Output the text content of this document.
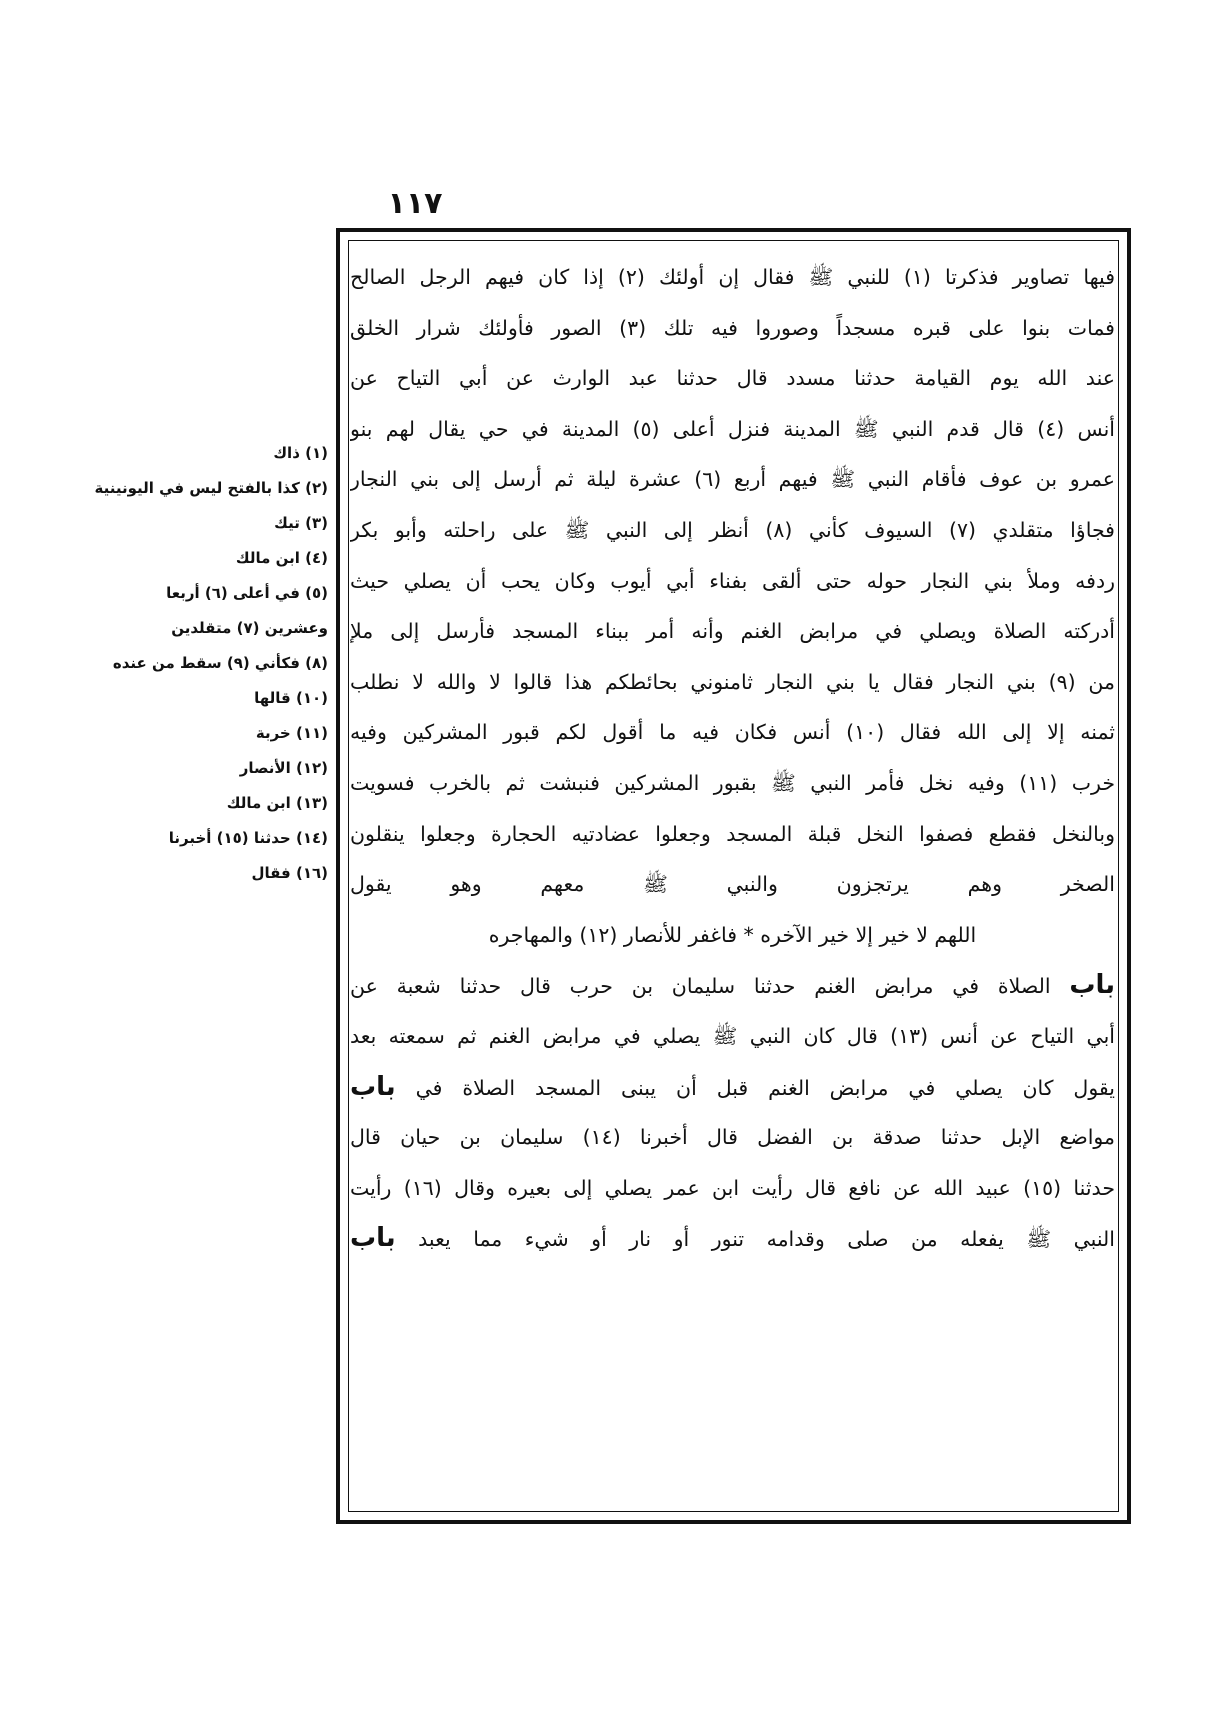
١١٧
فيها تصاوير فذكرتا (١) للنبي ﷺ فقال إن أولئك (٢) إذا كان فيهم الرجل الصالح
فمات بنوا على قبره مسجداً وصوروا فيه تلك (٣) الصور فأولئك شرار الخلق
عند الله يوم القيامة حدثنا مسدد قال حدثنا عبد الوارث عن أبي التياح عن
أنس (٤) قال قدم النبي ﷺ المدينة فنزل أعلى (٥) المدينة في حي يقال لهم بنو
عمرو بن عوف فأقام النبي ﷺ فيهم أربع (٦) عشرة ليلة ثم أرسل إلى بني النجار
فجاؤا متقلدي (٧) السيوف كأني (٨) أنظر إلى النبي ﷺ على راحلته وأبو بكر
ردفه وملأ بني النجار حوله حتى ألقى بفناء أبي أيوب وكان يحب أن يصلي حيث
أدركته الصلاة ويصلي في مرابض الغنم وأنه أمر ببناء المسجد فأرسل إلى ملإ
من (٩) بني النجار فقال يا بني النجار ثامنوني بحائطكم هذا قالوا لا والله لا نطلب
ثمنه إلا إلى الله فقال (١٠) أنس فكان فيه ما أقول لكم قبور المشركين وفيه
خرب (١١) وفيه نخل فأمر النبي ﷺ بقبور المشركين فنبشت ثم بالخرب فسويت
وبالنخل فقطع فصفوا النخل قبلة المسجد وجعلوا عضادتيه الحجارة وجعلوا ينقلون
الصخر وهم يرتجزون والنبي ﷺ معهم وهو يقول
اللهم لا خير إلا خير الآخره * فاغفر للأنصار (١٢) والمهاجره
باب الصلاة في مرابض الغنم حدثنا سليمان بن حرب قال حدثنا شعبة عن
أبي التياح عن أنس (١٣) قال كان النبي ﷺ يصلي في مرابض الغنم ثم سمعته بعد
يقول كان يصلي في مرابض الغنم قبل أن يبنى المسجد الصلاة في باب
مواضع الإبل حدثنا صدقة بن الفضل قال أخبرنا (١٤) سليمان بن حيان قال
حدثنا (١٥) عبيد الله عن نافع قال رأيت ابن عمر يصلي إلى بعيره وقال (١٦) رأيت
النبي ﷺ يفعله من صلى وقدامه تنور أو نار أو شيء مما يعبد باب
(١) ذاك
(٢) كذا بالفتح ليس في اليونينية
(٣) تيك
(٤) ابن مالك
(٥) في أعلى (٦) أربعا
وعشرين (٧) متقلدين
(٨) فكأني (٩) سقط من عنده
(١٠) قالها
(١١) خربة
(١٢) الأنصار
(١٣) ابن مالك
(١٤) حدثنا (١٥) أخبرنا
(١٦) فقال
